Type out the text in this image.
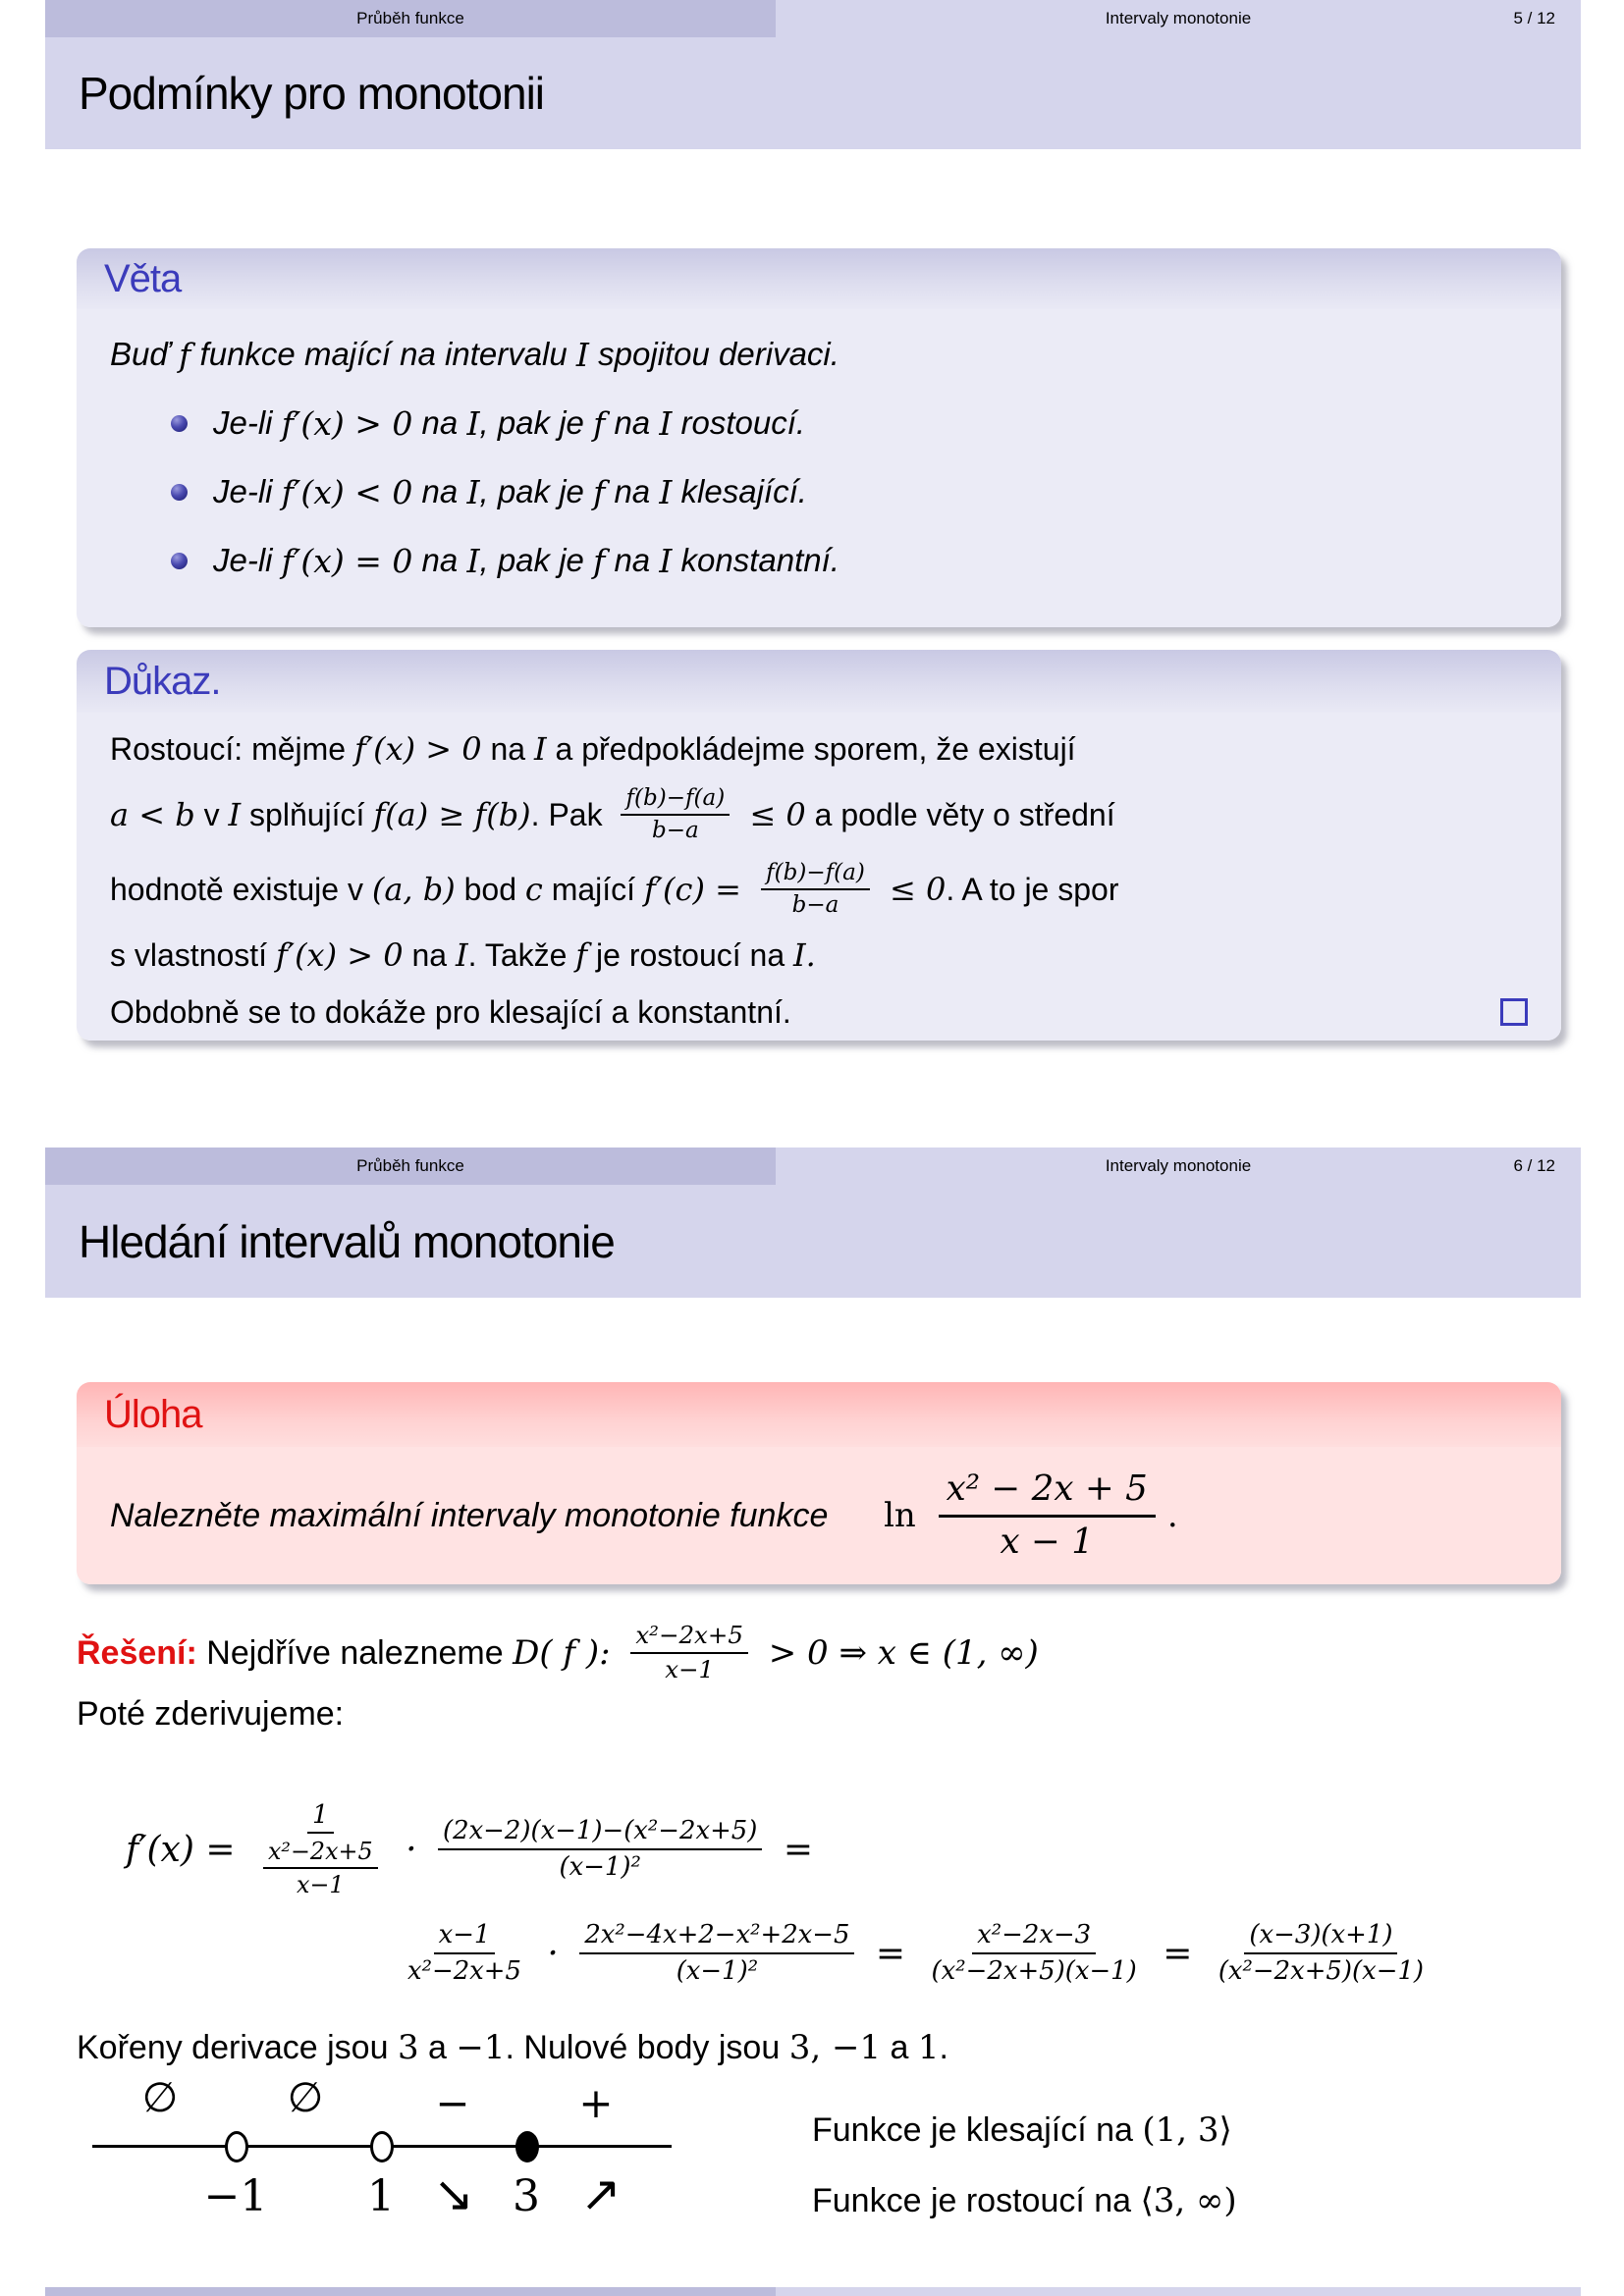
Průběh funkce	Intervaly monotonie	5 / 12
Podmínky pro monotonii
Věta
Buď f funkce mající na intervalu I spojitou derivaci.
Je-li f′(x) > 0 na I , pak je f na I rostoucí.
Je-li f′(x) < 0 na I , pak je f na I klesající.
Je-li f′(x) = 0 na I , pak je f na I konstantní.
Důkaz.
Rostoucí: mějme f′(x) > 0 na I a předpokládejme sporem, že existují
a < b v I splňující f(a) ≥ f(b) . Pak $\frac{f(b)-f(a)}{b-a} \le 0$ a podle věty o střední
hodnotě existuje v (a, b) bod c mající $f'(c) = \frac{f(b)-f(a)}{b-a} \le 0$ . A to je spor
s vlastností f′(x) > 0 na I . Takže f je rostoucí na I.
Obdobně se to dokáže pro klesající a konstantní.
Průběh funkce	Intervaly monotonie	6 / 12
Hledání intervalů monotonie
Úloha
Nalezněte maximální intervaly monotonie funkce
$\ln \frac{\text{x² − 2x + 5}}{x - 1}$ .
Řešení: Nejdříve nalezneme D( f ): $\frac{\text{x²−2x+5}}{x-1} > 0$ ⇒ x ∈ (1, ∞)
Poté zderivujeme:
$f'(x) = \frac{1}{\frac{\text{x²−2x+5}}{x-1}} \cdot \frac{\text{(2x−2)(x−1)−(x²−2x+5)}}{\text{(x−1)²}}$ =
$\frac{x-1}{\text{x²−2x+5}} \cdot \frac{\text{2x²−4x+2−x²+2x−5}}{\text{(x−1)²}} = \frac{\text{x²−2x−3}}{\text{(x²−2x+5)(x−1)}} = \frac{(x-3)(x+1)}{\text{(x²−2x+5)(x−1)}}$
Kořeny derivace jsou 3 a −1 . Nulové body jsou 3, −1 a 1 .
∅	∅	−	+
−1	1	3
↘ ↗
Funkce je klesající na (1, 3⟩
Funkce je rostoucí na ⟨3, ∞)
